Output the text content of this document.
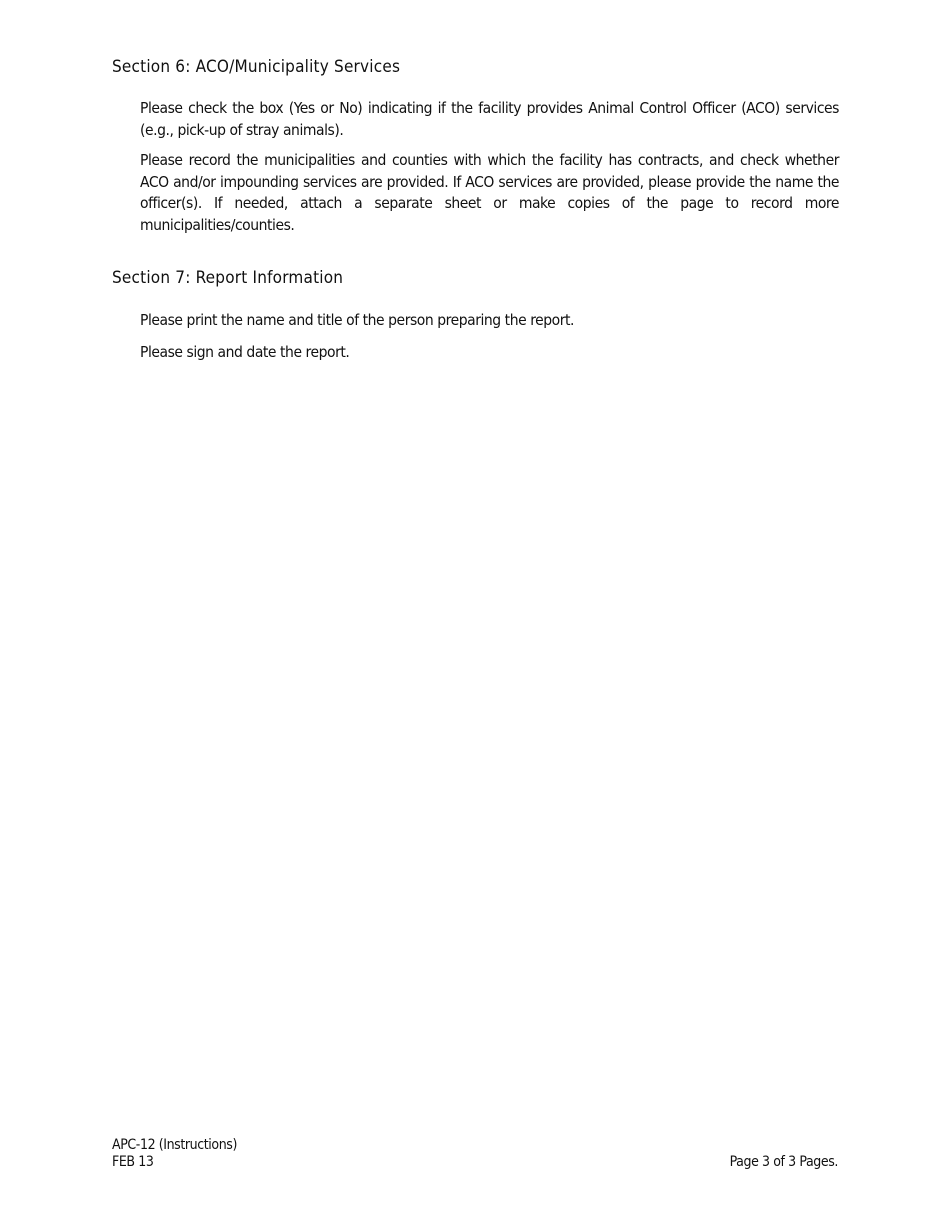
Section 6: ACO/Municipality Services

Please check the box (Yes or No) indicating if the facility provides Animal Control Officer (ACO) services (e.g., pick-up of stray animals).

Please record the municipalities and counties with which the facility has contracts, and check whether ACO and/or impounding services are provided. If ACO services are provided, please provide the name the officer(s). If needed, attach a separate sheet or make copies of the page to record more municipalities/counties.

Section 7: Report Information

Please print the name and title of the person preparing the report.

Please sign and date the report.

APC-12 (Instructions)
FEB 13	Page 3 of 3 Pages.
